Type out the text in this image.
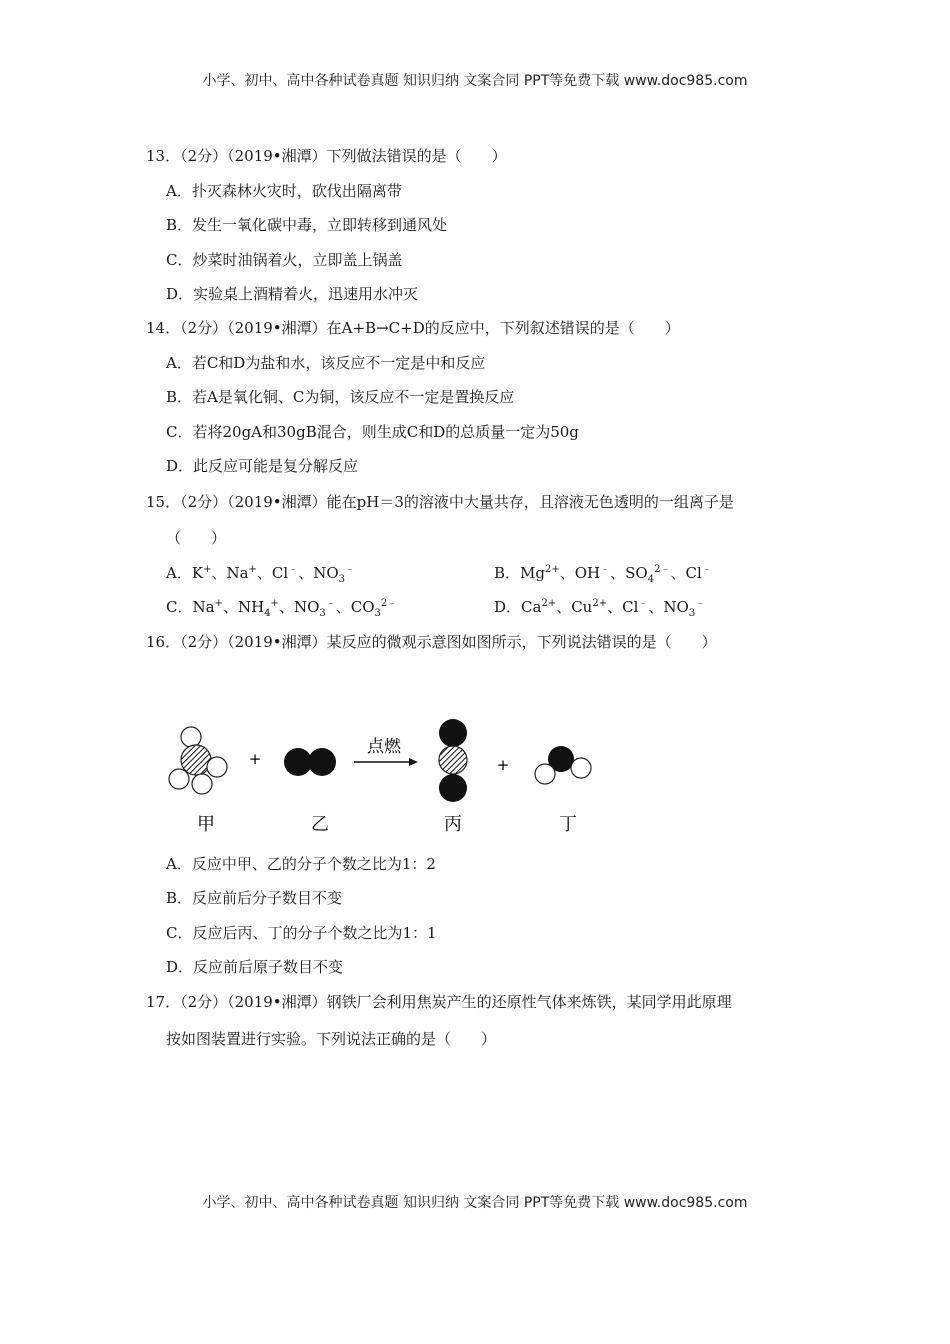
小学、初中、高中各种试卷真题 知识归纳 文案合同 PPT等免费下载 www.doc985.com
13．（2分）（2019•湘潭）下列做法错误的是（　　）
A．扑灭森林火灾时，砍伐出隔离带
B．发生一氧化碳中毒，立即转移到通风处
C．炒菜时油锅着火，立即盖上锅盖
D．实验桌上酒精着火，迅速用水冲灭
14．（2分）（2019•湘潭）在A+B→C+D的反应中，下列叙述错误的是（　　）
A．若C和D为盐和水，该反应不一定是中和反应
B．若A是氧化铜、C为铜，该反应不一定是置换反应
C．若将20gA和30gB混合，则生成C和D的总质量一定为50g
D．此反应可能是复分解反应
15．（2分）（2019•湘潭）能在pH＝3的溶液中大量共存，且溶液无色透明的一组离子是
（　　）
A．K+、Na+、Cl﹣、$NO_3^﹣$	B．$Mg^{2+}$、OH﹣、$SO_4^{2﹣}$、Cl﹣
C．Na+、$NH_4^+$、$NO_3^﹣$、$CO_3^{2﹣}$	D．$Ca^{2+}$、$Cu^{2+}$、Cl﹣、$NO_3^﹣$
16．（2分）（2019•湘潭）某反应的微观示意图如图所示，下列说法错误的是（　　）
+
点燃
+
甲	乙	丙	丁
A．反应中甲、乙的分子个数之比为1：2
B．反应前后分子数目不变
C．反应后丙、丁的分子个数之比为1：1
D．反应前后原子数目不变
17．（2分）（2019•湘潭）钢铁厂会利用焦炭产生的还原性气体来炼铁，某同学用此原理
按如图装置进行实验。下列说法正确的是（　　）
小学、初中、高中各种试卷真题 知识归纳 文案合同 PPT等免费下载 www.doc985.com
